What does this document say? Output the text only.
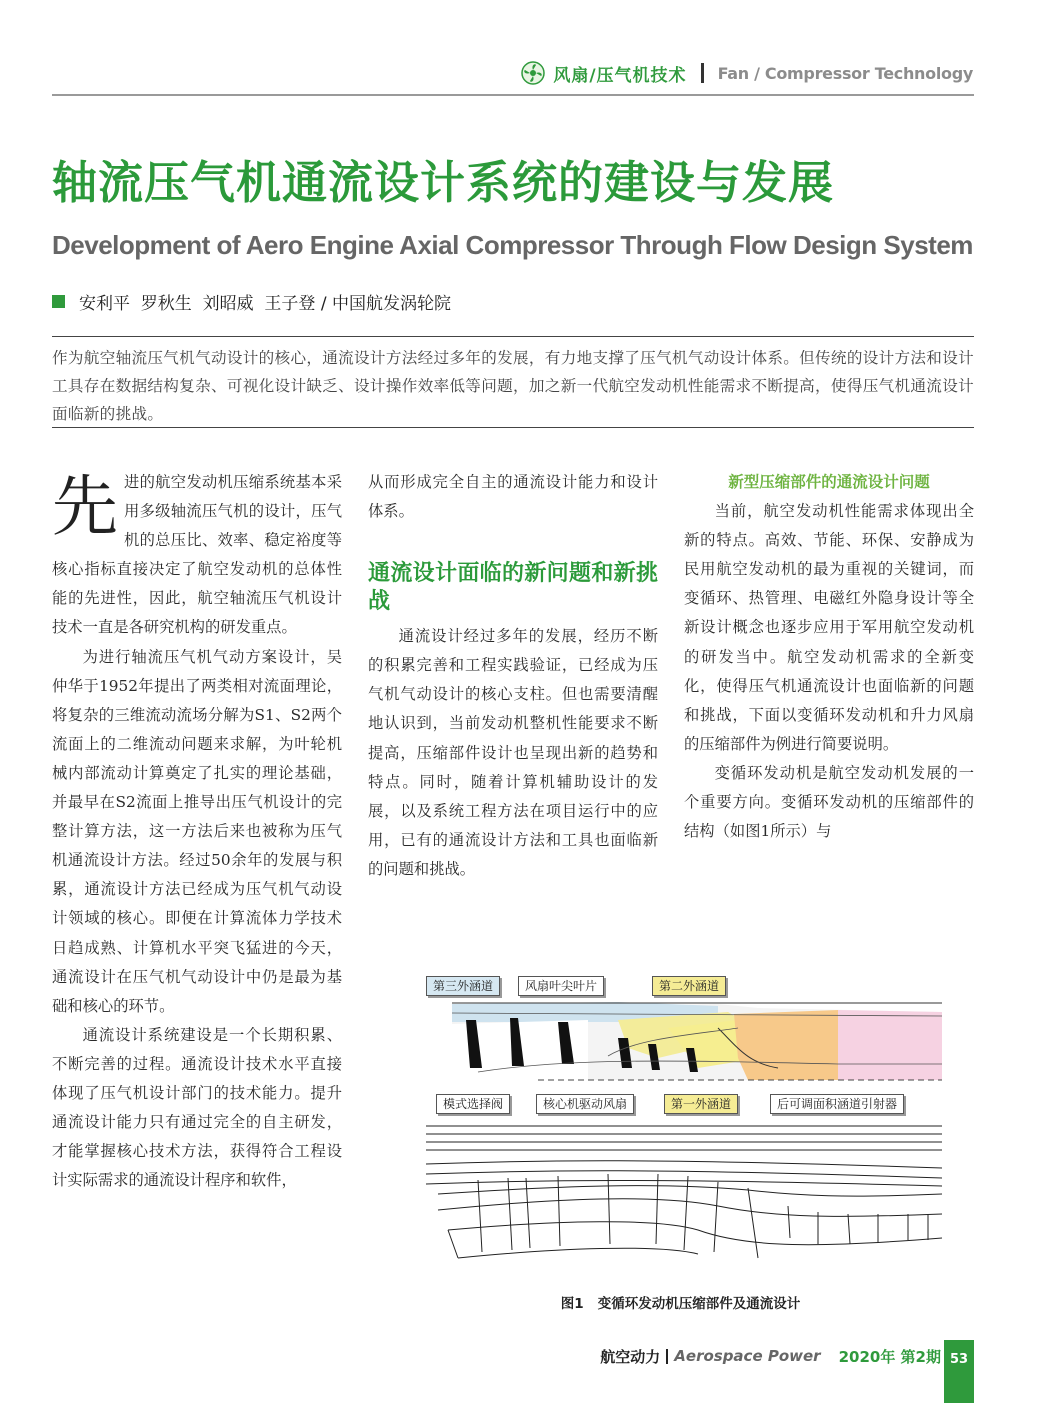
风扇/压气机技术 Fan / Compressor Technology
轴流压气机通流设计系统的建设与发展
Development of Aero Engine Axial Compressor Through Flow Design System
安利平  罗秋生  刘昭威  王子登 / 中国航发涡轮院

作为航空轴流压气机气动设计的核心，通流设计方法经过多年的发展，有力地支撑了压气机气动设计体系。但传统的设计方法和设计工具存在数据结构复杂、可视化设计缺乏、设计操作效率低等问题，加之新一代航空发动机性能需求不断提高，使得压气机通流设计面临新的挑战。

先进的航空发动机压缩系统基本采用多级轴流压气机的设计，压气机的总压比、效率、稳定裕度等核心指标直接决定了航空发动机的总体性能的先进性，因此，航空轴流压气机设计技术一直是各研究机构的研发重点。

为进行轴流压气机气动方案设计，吴仲华于1952年提出了两类相对流面理论，将复杂的三维流动流场分解为S1、S2两个流面上的二维流动问题来求解，为叶轮机械内部流动计算奠定了扎实的理论基础，并最早在S2流面上推导出压气机设计的完整计算方法，这一方法后来也被称为压气机通流设计方法。经过50余年的发展与积累，通流设计方法已经成为压气机气动设计领域的核心。即便在计算流体力学技术日趋成熟、计算机水平突飞猛进的今天，通流设计在压气机气动设计中仍是最为基础和核心的环节。

通流设计系统建设是一个长期积累、不断完善的过程。通流设计技术水平直接体现了压气机设计部门的技术能力。提升通流设计能力只有通过完全的自主研发，才能掌握核心技术方法，获得符合工程设计实际需求的通流设计程序和软件，

从而形成完全自主的通流设计能力和设计体系。

通流设计面临的新问题和新挑战

通流设计经过多年的发展，经历不断的积累完善和工程实践验证，已经成为压气机气动设计的核心支柱。但也需要清醒地认识到，当前发动机整机性能要求不断提高，压缩部件设计也呈现出新的趋势和特点。同时，随着计算机辅助设计的发展，以及系统工程方法在项目运行中的应用，已有的通流设计方法和工具也面临新的问题和挑战。

新型压缩部件的通流设计问题

当前，航空发动机性能需求体现出全新的特点。高效、节能、环保、安静成为民用航空发动机的最为重视的关键词，而变循环、热管理、电磁红外隐身设计等全新设计概念也逐步应用于军用航空发动机的研发当中。航空发动机需求的全新变化，使得压气机通流设计也面临新的问题和挑战，下面以变循环发动机和升力风扇的压缩部件为例进行简要说明。

变循环发动机是航空发动机发展的一个重要方向。变循环发动机的压缩部件的结构（如图1所示）与

第三外涵道	风扇叶尖叶片	第二外涵道
模式选择阀	核心机驱动风扇	第一外涵道	后可调面积涵道引射器
图1   变循环发动机压缩部件及通流设计
航空动力 Aerospace Power 2020年 第2期 53
